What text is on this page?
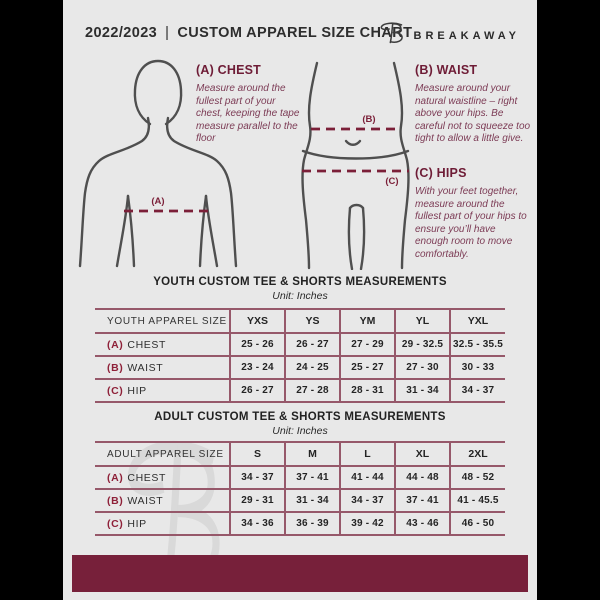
2022/2023 | CUSTOM APPAREL SIZE CHART BREAKAWAY
(A)
(B)
(C)
(A) CHEST
Measure around the fullest part of your chest, keeping the tape measure parallel to the floor
(B) WAIST
Measure around your natural waistline – right above your hips. Be careful not to squeeze too tight to allow a little give.
(C) HIPS
With your feet together, measure around the fullest part of your hips to ensure you’ll have enough room to move comfortably.
YOUTH CUSTOM TEE & SHORTS MEASUREMENTS
Unit: Inches
YOUTH APPAREL SIZE	YXS	YS	YM	YL	YXL
(A) CHEST	25 - 26	26 - 27	27 - 29	29 - 32.5	32.5 - 35.5
(B) WAIST	23 - 24	24 - 25	25 - 27	27 - 30	30 - 33
(C) HIP	26 - 27	27 - 28	28 - 31	31 - 34	34 - 37
ADULT CUSTOM TEE & SHORTS MEASUREMENTS
Unit: Inches
ADULT APPAREL SIZE	S	M	L	XL	2XL
(A) CHEST	34 - 37	37 - 41	41 - 44	44 - 48	48 - 52
(B) WAIST	29 - 31	31 - 34	34 - 37	37 - 41	41 - 45.5
(C) HIP	34 - 36	36 - 39	39 - 42	43 - 46	46 - 50
